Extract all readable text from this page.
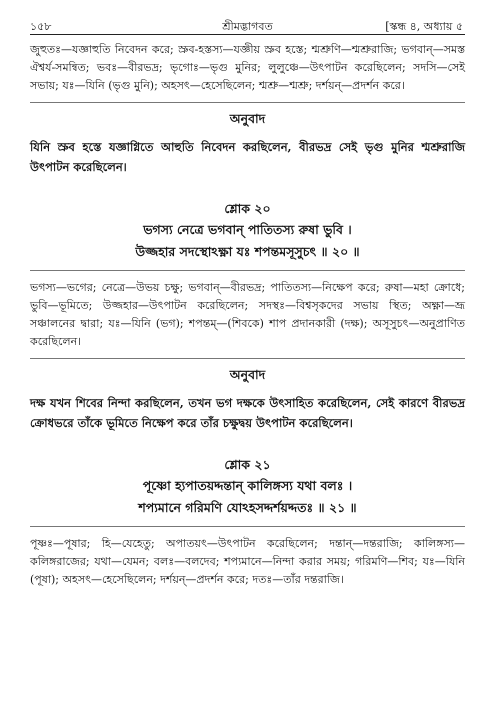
১৫৮	শ্রীমদ্ভাগবত	[স্কন্ধ ৪, অধ্যায় ৫

জুহুতঃ—যজ্ঞাহুতি নিবেদন করে; স্রুব-হস্তস্য—যজ্ঞীয় স্রুব হস্তে; শ্মশ্রুণি—শ্মশ্রুরাজি; ভগবান্—সমস্ত ঐশ্বর্য-সমন্বিত; ভবঃ—বীরভদ্র; ভৃগোঃ—ভৃগু মুনির; লুলুঞ্চে—উৎপাটন করেছিলেন; সদসি—সেই সভায়; যঃ—যিনি (ভৃগু মুনি); অহসৎ—হেসেছিলেন; শ্মশ্রু—শ্মশ্রু; দর্শয়ন্—প্রদর্শন করে।

অনুবাদ

যিনি স্রুব হস্তে যজ্ঞাগ্নিতে আহুতি নিবেদন করছিলেন, বীরভদ্র সেই ভৃগু মুনির শ্মশ্রুরাজি উৎপাটন করেছিলেন।

শ্লোক ২০

ভগস্য নেত্রে ভগবান্ পাতিতস্য রুষা ভুবি ।

উজ্জহার সদস্থোঽক্ষ্ণা যঃ শপন্তমসূসুচৎ ॥ ২০ ॥

ভগস্য—ভগের; নেত্রে—উভয় চক্ষু; ভগবান্—বীরভদ্র; পাতিতস্য—নিক্ষেপ করে; রুষা—মহা ক্রোধে; ভুবি—ভূমিতে; উজ্জহার—উৎপাটন করেছিলেন; সদস্থঃ—বিশ্বসৃকদের সভায় স্থিত; অক্ষ্ণা—ভ্রূ সঞ্চালনের দ্বারা; যঃ—যিনি (ভগ); শপন্তম্—(শিবকে) শাপ প্রদানকারী (দক্ষ); অসূসুচৎ—অনুপ্রাণিত করেছিলেন।

অনুবাদ

দক্ষ যখন শিবের নিন্দা করছিলেন, তখন ভগ দক্ষকে উৎসাহিত করেছিলেন, সেই কারণে বীরভদ্র ক্রোধভরে তাঁকে ভূমিতে নিক্ষেপ করে তাঁর চক্ষুদ্বয় উৎপাটন করেছিলেন।

শ্লোক ২১

পূষ্ণো হ্যপাতয়দ্দন্তান্ কালিঙ্গস্য যথা বলঃ ।

শপ্যমানে গরিমণি যোঽহসদ্দর্শয়দ্দতঃ ॥ ২১ ॥

পূষ্ণঃ—পূষার; হি—যেহেতু; অপাতয়ৎ—উৎপাটন করেছিলেন; দন্তান্—দন্তরাজি; কালিঙ্গস্য—কলিঙ্গরাজের; যথা—যেমন; বলঃ—বলদেব; শপ্যমানে—নিন্দা করার সময়; গরিমণি—শিব; যঃ—যিনি (পূষা); অহসৎ—হেসেছিলেন; দর্শয়ন্—প্রদর্শন করে; দতঃ—তাঁর দন্তরাজি।
